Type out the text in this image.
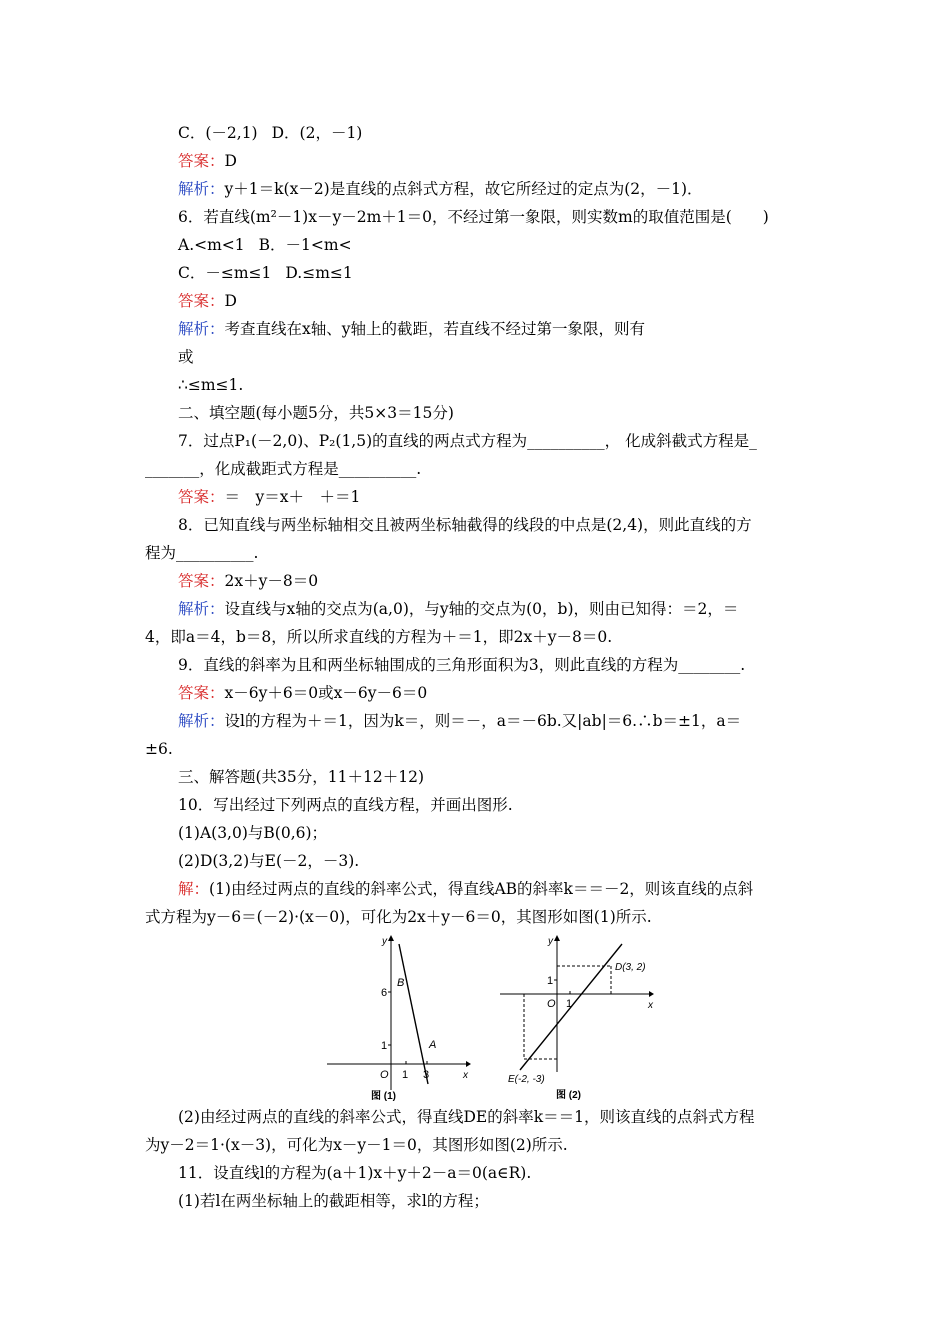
C．(－2,1) D．(2，－1)
答案：D
解析：y＋1＝k(x－2)是直线的点斜式方程，故它所经过的定点为(2，－1)．
6．若直线(m²－1)x－y－2m＋1＝0，不经过第一象限，则实数m的取值范围是(　　)
A.<m<1 B．－1<m<
C．－≤m≤1 D.≤m≤1
答案：D
解析：考查直线在x轴、y轴上的截距，若直线不经过第一象限，则有
或
∴≤m≤1.
二、填空题(每小题5分，共5×3＝15分)
7．过点P₁(－2,0)、P₂(1,5)的直线的两点式方程为__________， 化成斜截式方程是_
_______，化成截距式方程是__________.
答案：＝　y＝x＋　＋＝1
8．已知直线与两坐标轴相交且被两坐标轴截得的线段的中点是(2,4)，则此直线的方
程为__________.
答案：2x＋y－8＝0
解析：设直线与x轴的交点为(a,0)，与y轴的交点为(0，b)，则由已知得：＝2，＝
4，即a＝4，b＝8，所以所求直线的方程为＋＝1，即2x＋y－8＝0.
9．直线的斜率为且和两坐标轴围成的三角形面积为3，则此直线的方程为________.
答案：x－6y＋6＝0或x－6y－6＝0
解析：设l的方程为＋＝1，因为k＝，则＝－，a＝－6b.又|ab|＝6.∴b＝±1，a＝
±6.
三、解答题(共35分，11＋12＋12)
10．写出经过下列两点的直线方程，并画出图形.
(1)A(3,0)与B(0,6)；
(2)D(3,2)与E(－2，－3).
解：(1)由经过两点的直线的斜率公式，得直线AB的斜率k＝＝－2，则该直线的点斜
式方程为y－6＝(－2)·(x－0)，可化为2x＋y－6＝0，其图形如图(1)所示.
y
6
1
B
A
O 1 3	x
图 (1)
y
D(3, 2)
1
O 1	x
E(-2, -3)
图 (2)
(2)由经过两点的直线的斜率公式，得直线DE的斜率k＝＝1，则该直线的点斜式方程
为y－2＝1·(x－3)，可化为x－y－1＝0，其图形如图(2)所示.
11．设直线l的方程为(a＋1)x＋y＋2－a＝0(a∈R).
(1)若l在两坐标轴上的截距相等，求l的方程；
